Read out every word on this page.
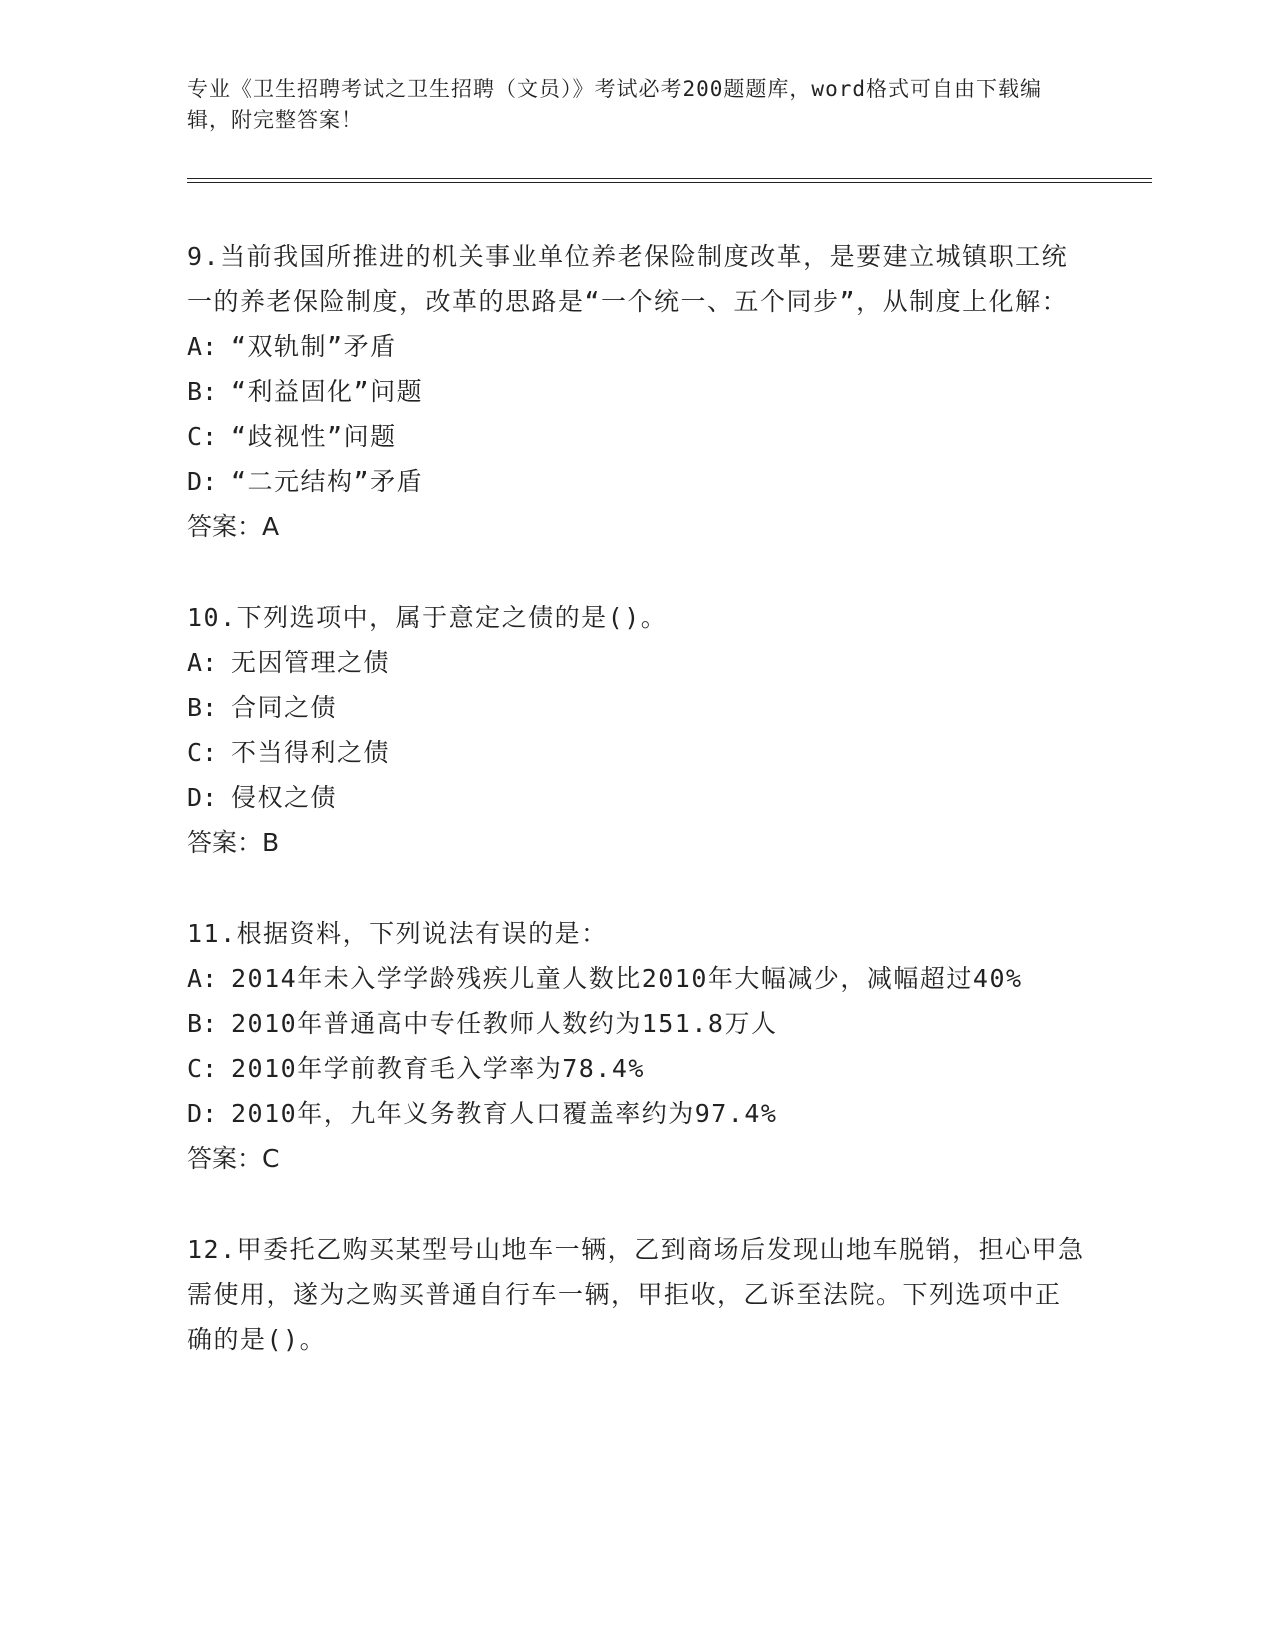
专业《卫生招聘考试之卫生招聘（文员）》考试必考200题题库，word格式可自由下载编辑，附完整答案！
9.当前我国所推进的机关事业单位养老保险制度改革，是要建立城镇职工统一的养老保险制度，改革的思路是“一个统一、五个同步”，从制度上化解：
A: “双轨制”矛盾
B: “利益固化”问题
C: “歧视性”问题
D: “二元结构”矛盾
答案：A
10.下列选项中，属于意定之债的是()。
A: 无因管理之债
B: 合同之债
C: 不当得利之债
D: 侵权之债
答案：B
11.根据资料，下列说法有误的是：
A: 2014年未入学学龄残疾儿童人数比2010年大幅减少，减幅超过40%
B: 2010年普通高中专任教师人数约为151.8万人
C: 2010年学前教育毛入学率为78.4%
D: 2010年，九年义务教育人口覆盖率约为97.4%
答案：C
12.甲委托乙购买某型号山地车一辆，乙到商场后发现山地车脱销，担心甲急需使用，遂为之购买普通自行车一辆，甲拒收，乙诉至法院。下列选项中正确的是()。
